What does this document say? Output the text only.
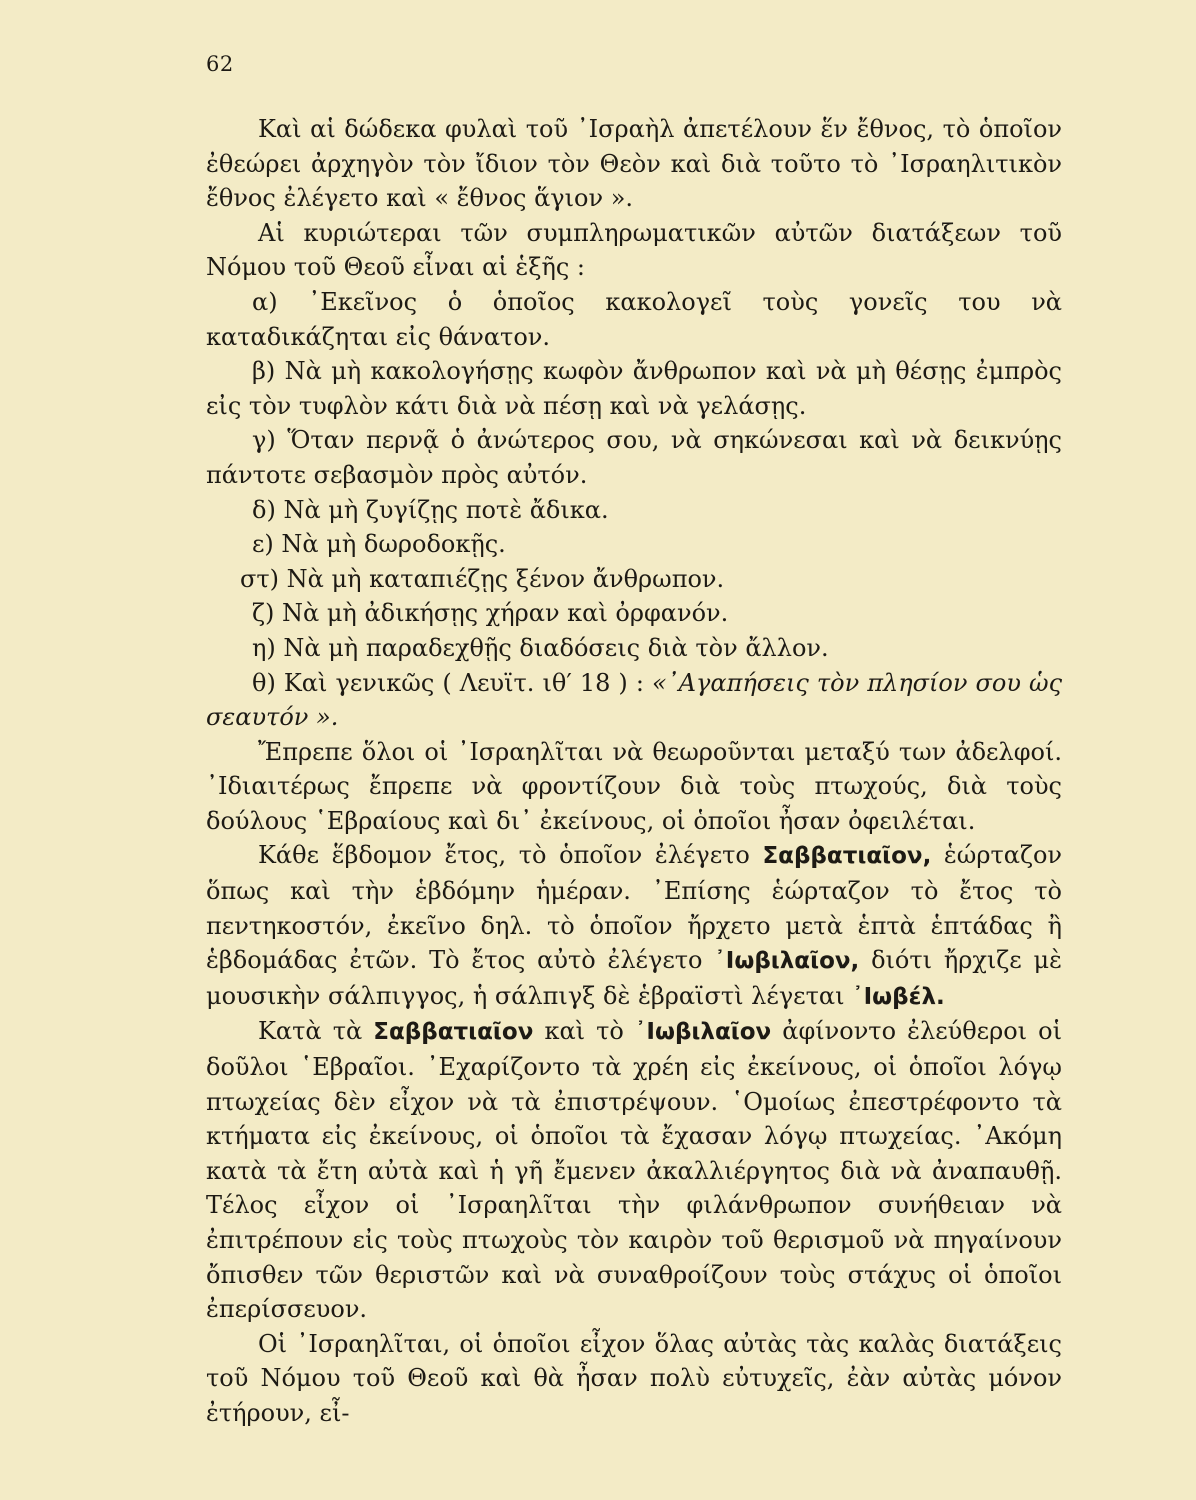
62

Καὶ αἱ δώδεκα φυλαὶ τοῦ ᾿Ισραὴλ ἀπετέλουν ἕν ἔθνος, τὸ ὁποῖον ἐθεώρει ἀρχηγὸν τὸν ἴδιον τὸν Θεὸν καὶ διὰ τοῦτο τὸ ᾿Ισραηλιτικὸν ἔθνος ἐλέγετο καὶ « ἔθνος ἅγιον ».

Αἱ κυριώτεραι τῶν συμπληρωματικῶν αὐτῶν διατάξεων τοῦ Νόμου τοῦ Θεοῦ εἶναι αἱ ἑξῆς :

α) ᾿Εκεῖνος ὁ ὁποῖος κακολογεῖ τοὺς γονεῖς του νὰ καταδικάζηται εἰς θάνατον.

β) Νὰ μὴ κακολογήσῃς κωφὸν ἄνθρωπον καὶ νὰ μὴ θέσῃς ἐμπρὸς εἰς τὸν τυφλὸν κάτι διὰ νὰ πέσῃ καὶ νὰ γελάσῃς.

γ) Ὅταν περνᾷ ὁ ἀνώτερος σου, νὰ σηκώνεσαι καὶ νὰ δεικνύῃς πάντοτε σεβασμὸν πρὸς αὐτόν.

δ) Νὰ μὴ ζυγίζῃς ποτὲ ἄδικα.

ε) Νὰ μὴ δωροδοκῇς.

στ) Νὰ μὴ καταπιέζῃς ξένον ἄνθρωπον.

ζ) Νὰ μὴ ἀδικήσῃς χήραν καὶ ὀρφανόν.

η) Νὰ μὴ παραδεχθῇς διαδόσεις διὰ τὸν ἄλλον.

θ) Καὶ γενικῶς ( Λευϊτ. ιθ′ 18 ) : «᾿Αγαπήσεις τὸν πλησίον σου ὡς σεαυτόν ».

Ἔπρεπε ὅλοι οἱ ᾿Ισραηλῖται νὰ θεωροῦνται μεταξύ των ἀδελφοί. ᾿Ιδιαιτέρως ἔπρεπε νὰ φροντίζουν διὰ τοὺς πτωχούς, διὰ τοὺς δούλους ῾Εβραίους καὶ δι᾿ ἐκείνους, οἱ ὁποῖοι ἦσαν ὀφειλέται.

Κάθε ἕβδομον ἔτος, τὸ ὁποῖον ἐλέγετο Σαββατιαῖον, ἑώρταζον ὅπως καὶ τὴν ἑβδόμην ἡμέραν. ᾿Επίσης ἑώρταζον τὸ ἔτος τὸ πεντηκοστόν, ἐκεῖνο δηλ. τὸ ὁποῖον ἤρχετο μετὰ ἑπτὰ ἑπτάδας ἢ ἑβδομάδας ἐτῶν. Τὸ ἔτος αὐτὸ ἐλέγετο ᾿Ιωβιλαῖον, διότι ἤρχιζε μὲ μουσικὴν σάλπιγγος, ἡ σάλπιγξ δὲ ἑβραϊστὶ λέγεται ᾿Ιωβέλ.

Κατὰ τὰ Σαββατιαῖον καὶ τὸ ᾿Ιωβιλαῖον ἀφίνοντο ἐλεύθεροι οἱ δοῦλοι ῾Εβραῖοι. ᾿Εχαρίζοντο τὰ χρέη εἰς ἐκείνους, οἱ ὁποῖοι λόγῳ πτωχείας δὲν εἶχον νὰ τὰ ἐπιστρέψουν. ῾Ομοίως ἐπεστρέφοντο τὰ κτήματα εἰς ἐκείνους, οἱ ὁποῖοι τὰ ἔχασαν λόγῳ πτωχείας. ᾿Ακόμη κατὰ τὰ ἔτη αὐτὰ καὶ ἡ γῆ ἔμενεν ἀκαλλιέργητος διὰ νὰ ἀναπαυθῇ. Τέλος εἶχον οἱ ᾿Ισραηλῖται τὴν φιλάνθρωπον συνήθειαν νὰ ἐπιτρέπουν εἰς τοὺς πτωχοὺς τὸν καιρὸν τοῦ θερισμοῦ νὰ πηγαίνουν ὄπισθεν τῶν θεριστῶν καὶ νὰ συναθροίζουν τοὺς στάχυς οἱ ὁποῖοι ἐπερίσσευον.

Οἱ ᾿Ισραηλῖται, οἱ ὁποῖοι εἶχον ὅλας αὐτὰς τὰς καλὰς διατάξεις τοῦ Νόμου τοῦ Θεοῦ καὶ θὰ ἦσαν πολὺ εὐτυχεῖς, ἐὰν αὐτὰς μόνον ἐτήρουν, εἶ-
